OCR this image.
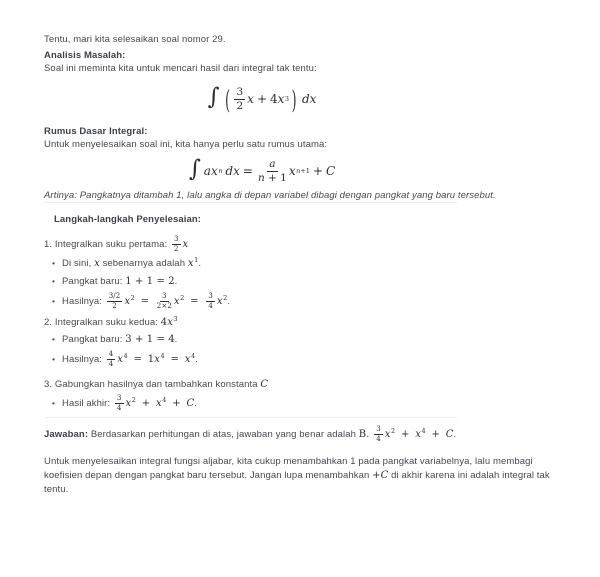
Tentu, mari kita selesaikan soal nomor 29.

Analisis Masalah:

Soal ini meminta kita untuk mencari hasil dari integral tak tentu:

∫ ( $\frac{3}{2}$ x + 4 x 3 ) dx

Rumus Dasar Integral:

Untuk menyelesaikan soal ini, kita hanya perlu satu rumus utama:

∫ a x n dx = $\frac{a}{n + 1}$ x n+1 + C

Artinya: Pangkatnya ditambah 1, lalu angka di depan variabel dibagi dengan pangkat yang baru tersebut.

Langkah-langkah Penyelesaian:

1. Integralkan suku pertama: $\frac{3}{2}$ x

• Di sini, x sebenarnya adalah $x^1$.
• Pangkat baru: 1 + 1 = 2.
• Hasilnya: $\frac{3/2}{2} x^2 = \frac{3}{2\times 2} x^2 = \frac{3}{4} x^2$.

2. Integralkan suku kedua: $4x^3$

• Pangkat baru: 3 + 1 = 4.
• Hasilnya: $\frac{4}{4} x^4 = 1x^4 = x^4$.

3. Gabungkan hasilnya dan tambahkan konstanta C

• Hasil akhir: $\frac{3}{4} x^2 + x^4 + C$.

Jawaban: Berdasarkan perhitungan di atas, jawaban yang benar adalah B. $\frac{3}{4} x^2 + x^4 + C$.

Untuk menyelesaikan integral fungsi aljabar, kita cukup menambahkan 1 pada pangkat variabelnya, lalu membagi koefisien depan dengan pangkat baru tersebut. Jangan lupa menambahkan +C di akhir karena ini adalah integral tak tentu.
